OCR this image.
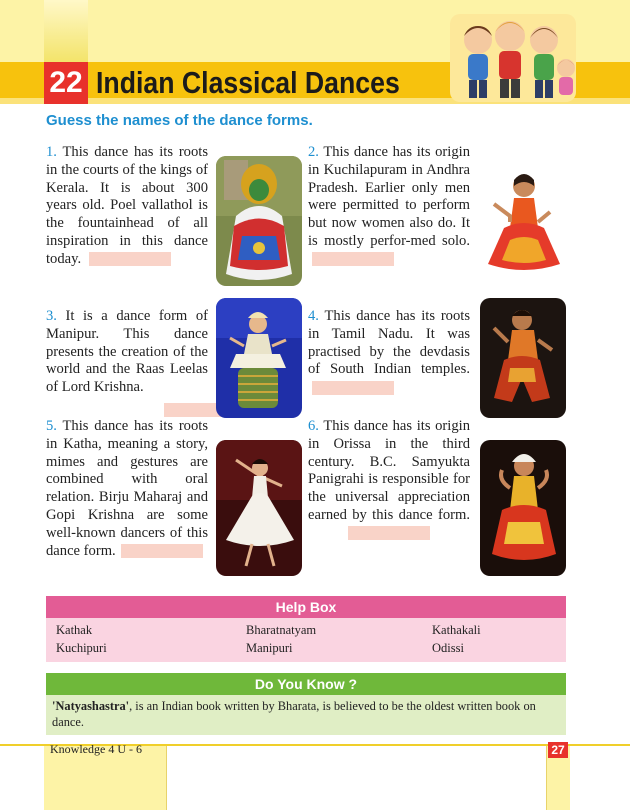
22 Indian Classical Dances
Guess the names of the dance forms.
1. This dance has its roots in the courts of the kings of Kerala. It is about 300 years old. Poel vallathol is the fountainhead of all inspiration in this dance today.
2. This dance has its origin in Kuchilapuram in Andhra Pradesh. Earlier only men were permitted to perform but now women also do. It is mostly perfor-med solo.
3. It is a dance form of Manipur. This dance presents the creation of the world and the Raas Leelas of Lord Krishna.

4. This dance has its roots in Tamil Nadu. It was practised by the devdasis of South Indian temples.
5. This dance has its roots in Katha, meaning a story, mimes and gestures are combined with oral relation. Birju Maharaj and Gopi Krishna are some well-known dancers of this dance form.
6. This dance has its origin in Orissa in the third century. B.C. Samyukta Panigrahi is responsible for the universal appreciation earned by this dance form.
Help Box
Kathak	Bharatnatyam	Kathakali
Kuchipuri	Manipuri	Odissi
Do You Know ?
'Natyashastra', is an Indian book written by Bharata, is believed to be the oldest written book on dance.
Knowledge 4 U - 6	27
